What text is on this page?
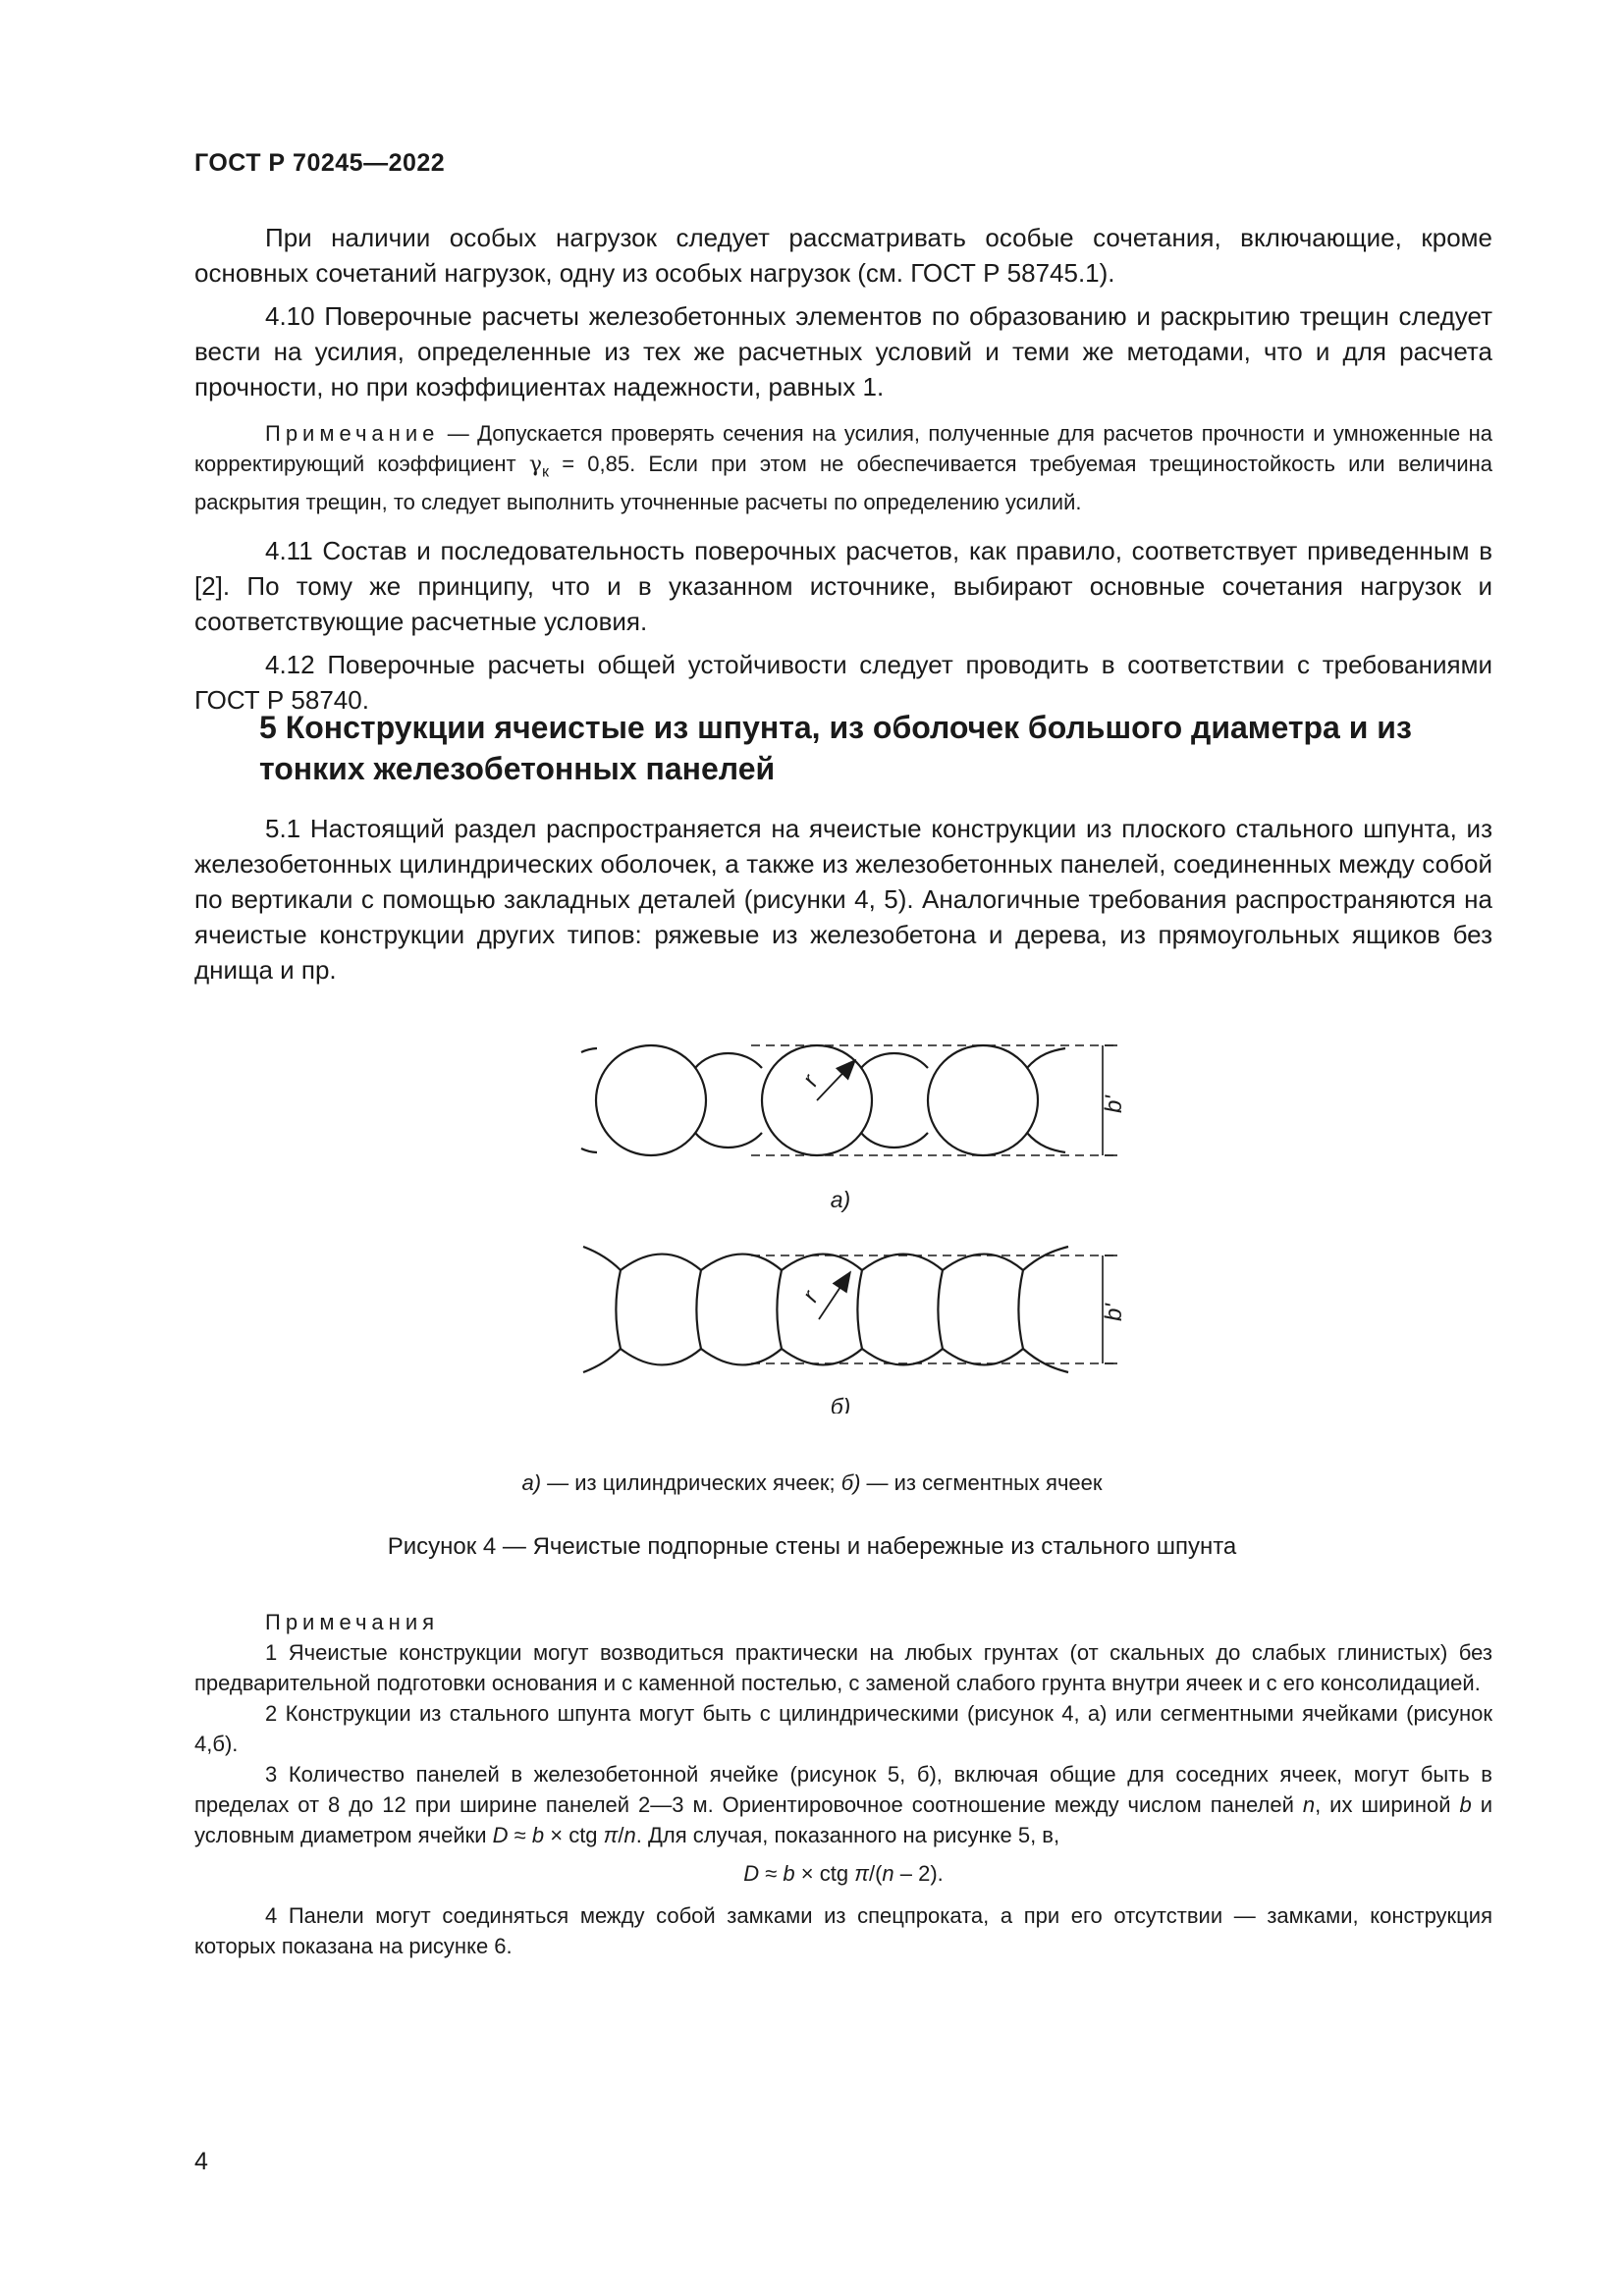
ГОСТ Р 70245—2022

При наличии особых нагрузок следует рассматривать особые сочетания, включающие, кроме основных сочетаний нагрузок, одну из особых нагрузок (см. ГОСТ Р 58745.1).

4.10 Поверочные расчеты железобетонных элементов по образованию и раскрытию трещин следует вести на усилия, определенные из тех же расчетных условий и теми же методами, что и для расчета прочности, но при коэффициентах надежности, равных 1.

Примечание — Допускается проверять сечения на усилия, полученные для расчетов прочности и умноженные на корректирующий коэффициент $\gamma_к = 0,85$. Если при этом не обеспечивается требуемая трещиностойкость или величина раскрытия трещин, то следует выполнить уточненные расчеты по определению усилий.

4.11 Состав и последовательность поверочных расчетов, как правило, соответствует приведенным в [2]. По тому же принципу, что и в указанном источнике, выбирают основные сочетания нагрузок и соответствующие расчетные условия.

4.12 Поверочные расчеты общей устойчивости следует проводить в соответствии с требованиями ГОСТ Р 58740.

5 Конструкции ячеистые из шпунта, из оболочек большого диаметра и из тонких железобетонных панелей

5.1 Настоящий раздел распространяется на ячеистые конструкции из плоского стального шпунта, из железобетонных цилиндрических оболочек, а также из железобетонных панелей, соединенных между собой по вертикали с помощью закладных деталей (рисунки 4, 5). Аналогичные требования распространяются на ячеистые конструкции других типов: ряжевые из железобетона и дерева, из прямоугольных ящиков без днища и пр.

r
b'
r
b'
а)
б)
а) — из цилиндрических ячеек; б) — из сегментных ячеек
Рисунок 4 — Ячеистые подпорные стены и набережные из стального шпунта
Примечания
1 Ячеистые конструкции могут возводиться практически на любых грунтах (от скальных до слабых глинистых) без предварительной подготовки основания и с каменной постелью, с заменой слабого грунта внутри ячеек и с его консолидацией.
2 Конструкции из стального шпунта могут быть с цилиндрическими (рисунок 4, а) или сегментными ячейками (рисунок 4,б).
3 Количество панелей в железобетонной ячейке (рисунок 5, б), включая общие для соседних ячеек, могут быть в пределах от 8 до 12 при ширине панелей 2—3 м. Ориентировочное соотношение между числом панелей n, их шириной b и условным диаметром ячейки D ≈ b × ctg π/n. Для случая, показанного на рисунке 5, в,
D ≈ b × ctg π/(n – 2).
4 Панели могут соединяться между собой замками из спецпроката, а при его отсутствии — замками, конструкция которых показана на рисунке 6.
4
